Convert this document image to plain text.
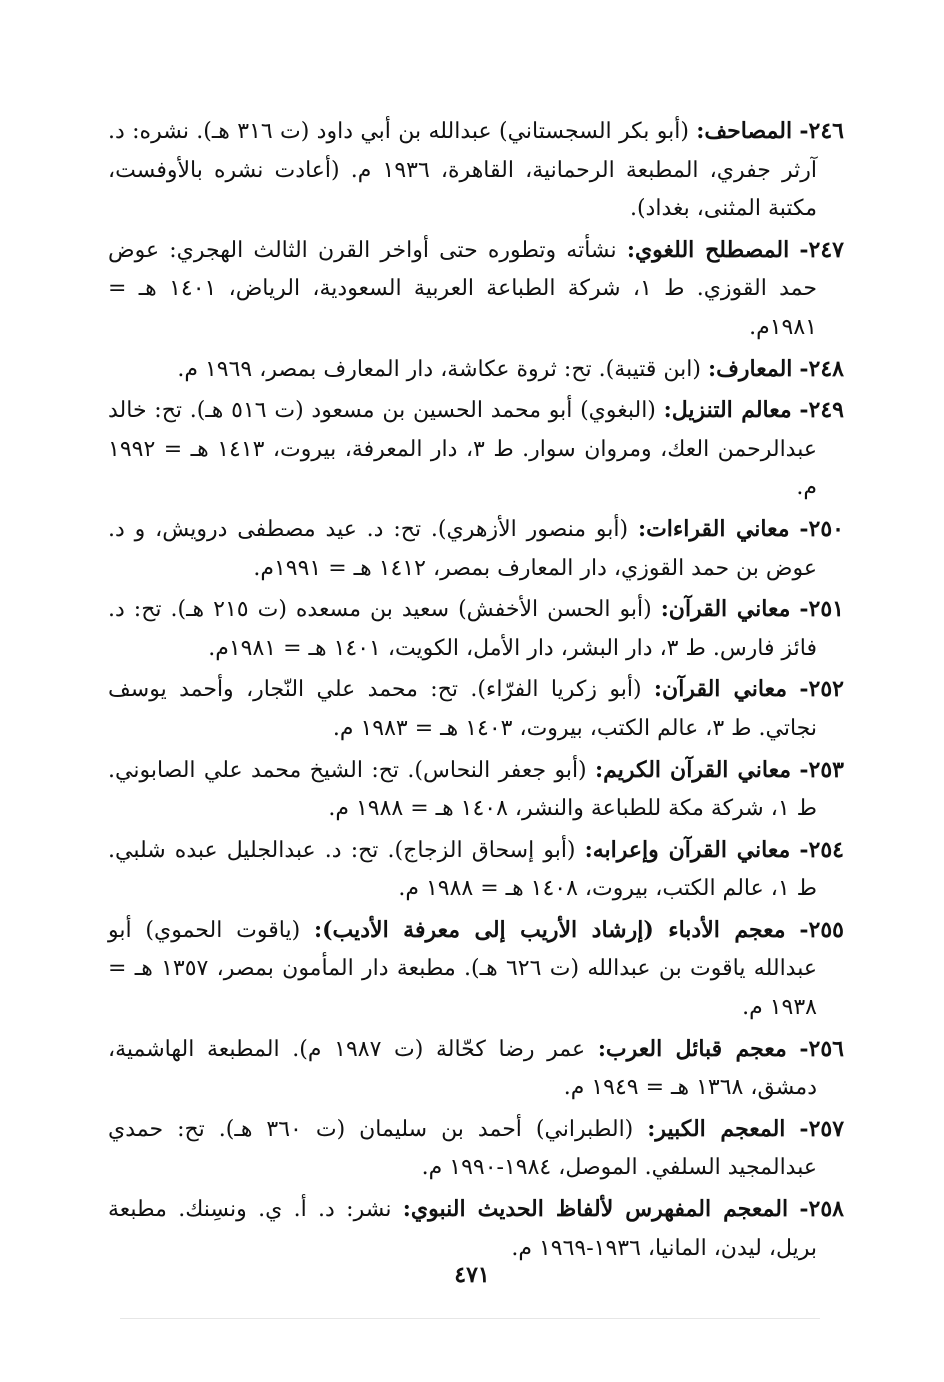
٢٤٦- المصاحف: (أبو بكر السجستاني) عبدالله بن أبي داود (ت ٣١٦ هـ). نشره: د. آرثر جفري، المطبعة الرحمانية، القاهرة، ١٩٣٦ م. (أعادت نشره بالأوفست، مكتبة المثنى، بغداد).
٢٤٧- المصطلح اللغوي: نشأته وتطوره حتى أواخر القرن الثالث الهجري: عوض حمد القوزي. ط ١، شركة الطباعة العربية السعودية، الرياض، ١٤٠١ هـ = ١٩٨١م.
٢٤٨- المعارف: (ابن قتيبة). تح: ثروة عكاشة، دار المعارف بمصر، ١٩٦٩ م.
٢٤٩- معالم التنزيل: (البغوي) أبو محمد الحسين بن مسعود (ت ٥١٦ هـ). تح: خالد عبدالرحمن العك، ومروان سوار. ط ٣، دار المعرفة، بيروت، ١٤١٣ هـ = ١٩٩٢ م.
٢٥٠- معاني القراءات: (أبو منصور الأزهري). تح: د. عيد مصطفى درويش، و د. عوض بن حمد القوزي، دار المعارف بمصر، ١٤١٢ هـ = ١٩٩١م.
٢٥١- معاني القرآن: (أبو الحسن الأخفش) سعيد بن مسعده (ت ٢١٥ هـ). تح: د. فائز فارس. ط ٣، دار البشر، دار الأمل، الكويت، ١٤٠١ هـ = ١٩٨١م.
٢٥٢- معاني القرآن: (أبو زكريا الفرّاء). تح: محمد علي النّجار، وأحمد يوسف نجاتي. ط ٣، عالم الكتب، بيروت، ١٤٠٣ هـ = ١٩٨٣ م.
٢٥٣- معاني القرآن الكريم: (أبو جعفر النحاس). تح: الشيخ محمد علي الصابوني. ط ١، شركة مكة للطباعة والنشر، ١٤٠٨ هـ = ١٩٨٨ م.
٢٥٤- معاني القرآن وإعرابه: (أبو إسحاق الزجاج). تح: د. عبدالجليل عبده شلبي. ط ١، عالم الكتب، بيروت، ١٤٠٨ هـ = ١٩٨٨ م.
٢٥٥- معجم الأدباء (إرشاد الأريب إلى معرفة الأديب): (ياقوت الحموي) أبو عبدالله ياقوت بن عبدالله (ت ٦٢٦ هـ). مطبعة دار المأمون بمصر، ١٣٥٧ هـ = ١٩٣٨ م.
٢٥٦- معجم قبائل العرب: عمر رضا كحّالة (ت ١٩٨٧ م). المطبعة الهاشمية، دمشق، ١٣٦٨ هـ = ١٩٤٩ م.
٢٥٧- المعجم الكبير: (الطبراني) أحمد بن سليمان (ت ٣٦٠ هـ). تح: حمدي عبدالمجيد السلفي. الموصل، ١٩٨٤-١٩٩٠ م.
٢٥٨- المعجم المفهرس لألفاظ الحديث النبوي: نشر: د. أ. ي. ونسِنك. مطبعة بريل، ليدن، المانيا، ١٩٣٦-١٩٦٩ م.
٤٧١
